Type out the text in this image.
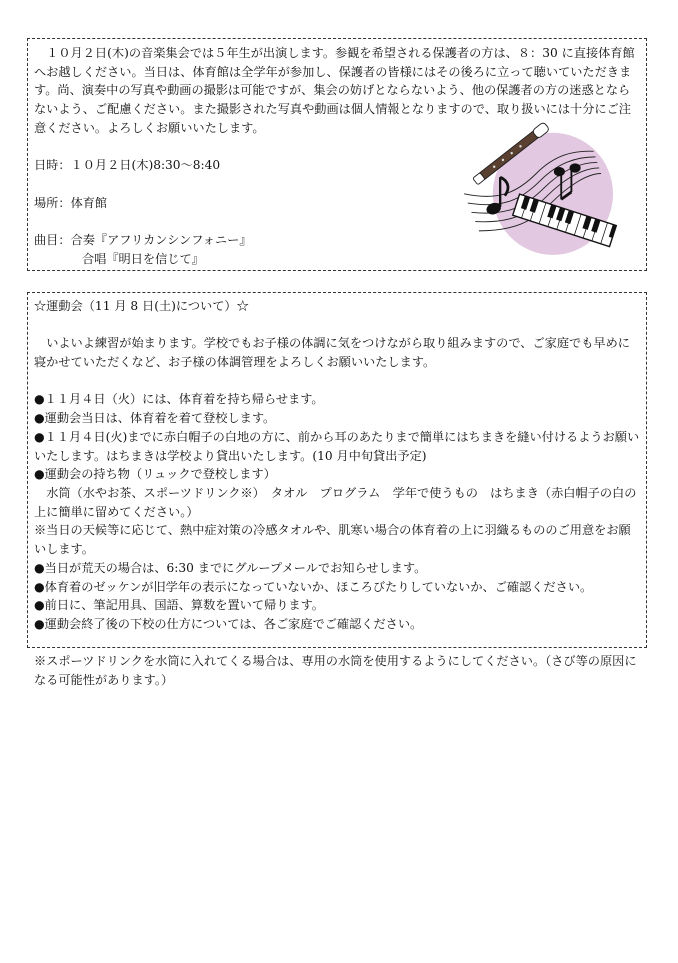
１０月２日(木)の音楽集会では５年生が出演します。参観を希望される保護者の方は、８：30 に直接体育館へお越しください。当日は、体育館は全学年が参加し、保護者の皆様にはその後ろに立って聴いていただきます。尚、演奏中の写真や動画の撮影は可能ですが、集会の妨げとならないよう、他の保護者の方の迷惑とならないよう、ご配慮ください。また撮影された写真や動画は個人情報となりますので、取り扱いには十分にご注意ください。よろしくお願いいたします。

日時：１０月２日(木)8:30～8:40

場所：体育館

曲目：合奏『アフリカンシンフォニー』

合唱『明日を信じて』

☆運動会（11 月 8 日(土)について）☆

いよいよ練習が始まります。学校でもお子様の体調に気をつけながら取り組みますので、ご家庭でも早めに寝かせていただくなど、お子様の体調管理をよろしくお願いいたします。

●１１月４日（火）には、体育着を持ち帰らせます。

●運動会当日は、体育着を着て登校します。

●１１月４日(火)までに赤白帽子の白地の方に、前から耳のあたりまで簡単にはちまきを縫い付けるようお願いいたします。はちまきは学校より貸出いたします。(10 月中旬貸出予定)

●運動会の持ち物（リュックで登校します）

水筒（水やお茶、スポーツドリンク※）　タオル　プログラム　学年で使うもの　はちまき（赤白帽子の白の上に簡単に留めてください。）

※当日の天候等に応じて、熱中症対策の冷感タオルや、肌寒い場合の体育着の上に羽織るもののご用意をお願いします。

●当日が荒天の場合は、6:30 までにグループメールでお知らせします。

●体育着のゼッケンが旧学年の表示になっていないか、ほころびたりしていないか、ご確認ください。

●前日に、筆記用具、国語、算数を置いて帰ります。

●運動会終了後の下校の仕方については、各ご家庭でご確認ください。

※スポーツドリンクを水筒に入れてくる場合は、専用の水筒を使用するようにしてください。（さび等の原因になる可能性があります。）
